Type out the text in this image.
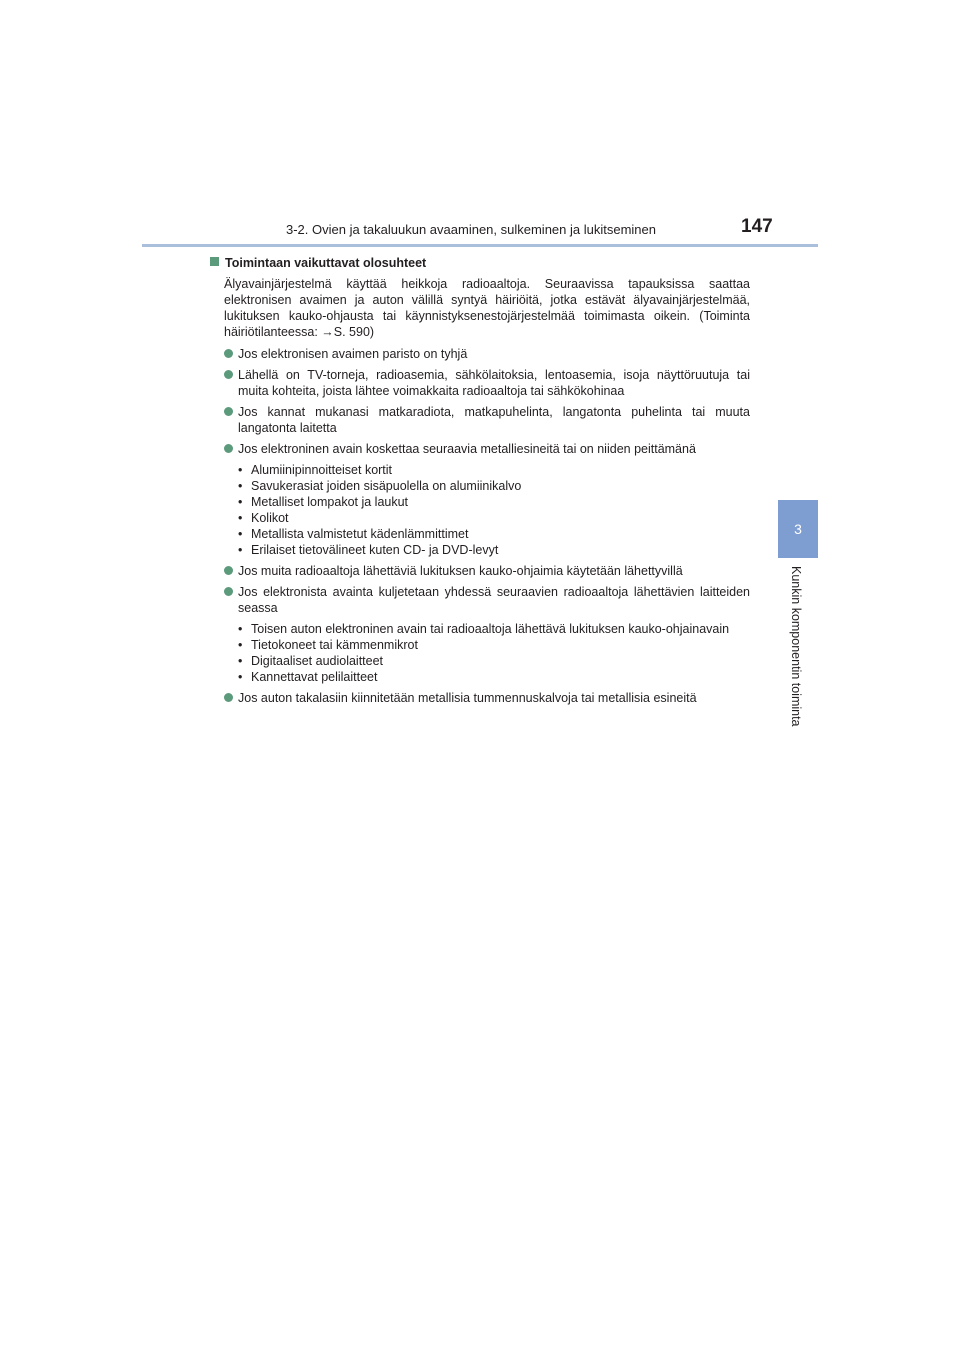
3-2. Ovien ja takaluukun avaaminen, sulkeminen ja lukitseminen	147
3
Kunkin komponentin toiminta
Toimintaan vaikuttavat olosuhteet
Älyavainjärjestelmä käyttää heikkoja radioaaltoja. Seuraavissa tapauksissa saattaa elektronisen avaimen ja auton välillä syntyä häiriöitä, jotka estävät älyavainjärjestelmää, lukituksen kauko-ohjausta tai käynnistyksenestojärjestelmää toimimasta oikein. (Toiminta häiriötilanteessa: →S. 590)
Jos elektronisen avaimen paristo on tyhjä
Lähellä on TV-torneja, radioasemia, sähkölaitoksia, lentoasemia, isoja näyttöruutuja tai muita kohteita, joista lähtee voimakkaita radioaaltoja tai sähkökohinaa
Jos kannat mukanasi matkaradiota, matkapuhelinta, langatonta puhelinta tai muuta langatonta laitetta
Jos elektroninen avain koskettaa seuraavia metalliesineitä tai on niiden peittämänä
• Alumiinipinnoitteiset kortit
• Savukerasiat joiden sisäpuolella on alumiinikalvo
• Metalliset lompakot ja laukut
• Kolikot
• Metallista valmistetut kädenlämmittimet
• Erilaiset tietovälineet kuten CD- ja DVD-levyt
Jos muita radioaaltoja lähettäviä lukituksen kauko-ohjaimia käytetään lähettyvillä
Jos elektronista avainta kuljetetaan yhdessä seuraavien radioaaltoja lähettävien laitteiden seassa
• Toisen auton elektroninen avain tai radioaaltoja lähettävä lukituksen kauko-ohjainavain
• Tietokoneet tai kämmenmikrot
• Digitaaliset audiolaitteet
• Kannettavat pelilaitteet
Jos auton takalasiin kiinnitetään metallisia tummennuskalvoja tai metallisia esineitä
